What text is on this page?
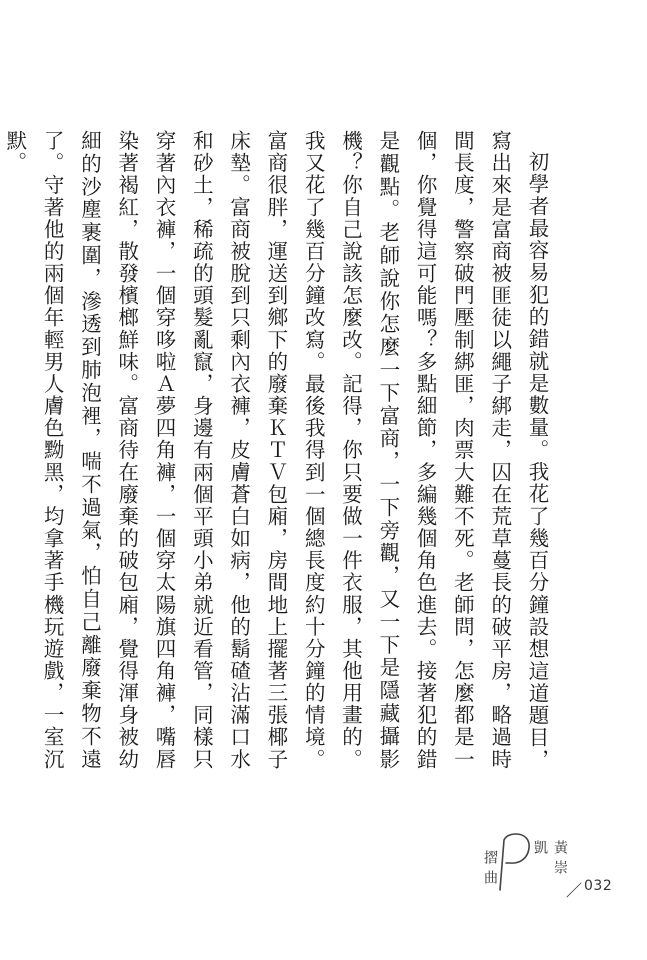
初學者最容易犯的錯就是數量。我花了幾百分鐘設想這道題目，寫出來是富商被匪徒以繩子綁走，囚在荒草蔓長的破平房，略過時間長度，警察破門壓制綁匪，肉票大難不死。老師問，怎麼都是一個，你覺得這可能嗎？多點細節，多編幾個角色進去。接著犯的錯是觀點。老師說你怎麼一下富商，一下旁觀，又一下是隱藏攝影機？你自己說該怎麼改。記得，你只要做一件衣服，其他用畫的。我又花了幾百分鐘改寫。最後我得到一個總長度約十分鐘的情境。富商很胖，運送到鄉下的廢棄ＫＴＶ包廂，房間地上擺著三張椰子床墊。富商被脫到只剩內衣褲，皮膚蒼白如病，他的鬍碴沾滿口水和砂土，稀疏的頭髮亂竄，身邊有兩個平頭小弟就近看管，同樣只穿著內衣褲，一個穿哆啦Ａ夢四角褲，一個穿太陽旗四角褲，嘴唇染著褐紅，散發檳榔鮮味。富商待在廢棄的破包廂，覺得渾身被幼細的沙塵裹圍，滲透到肺泡裡，喘不過氣，怕自己離廢棄物不遠了。守著他的兩個年輕男人膚色黝黑，均拿著手機玩遊戲，一室沉默。

摺曲	黃崇凱
／ 032
